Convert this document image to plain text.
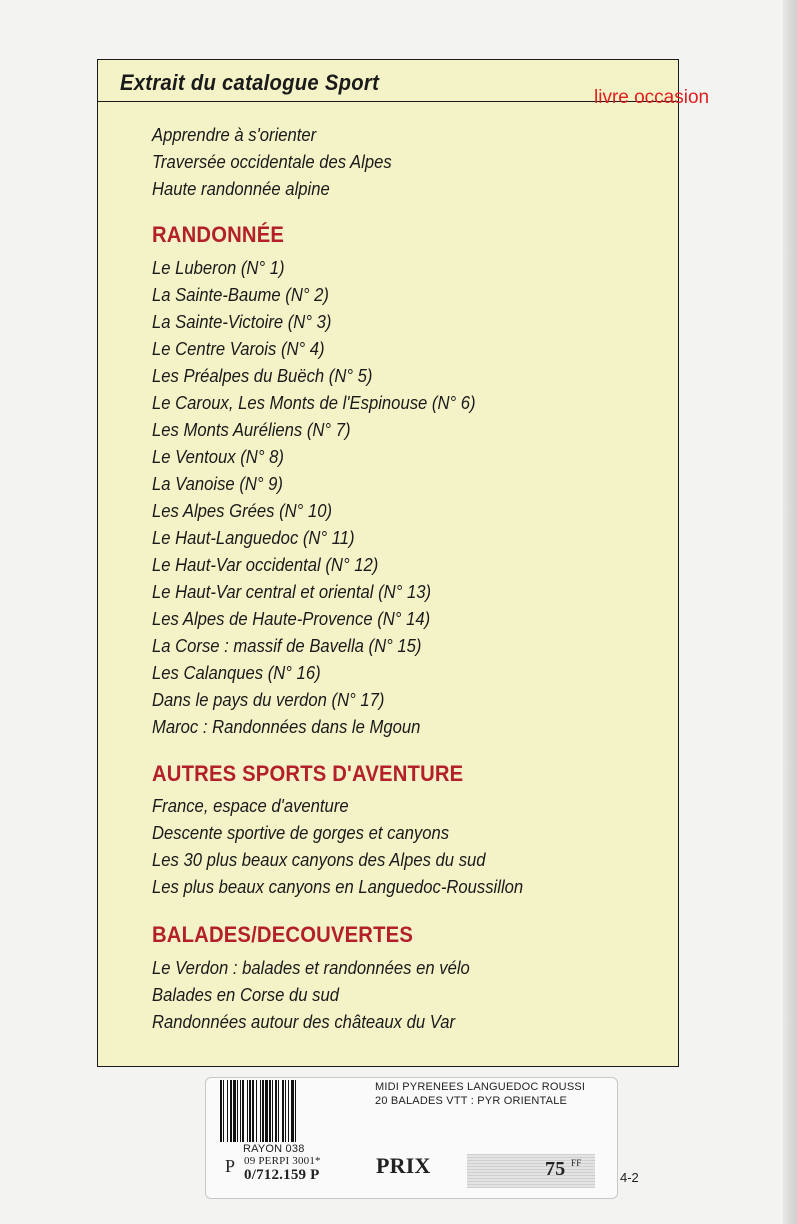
Extrait du catalogue Sport
livre occasion
Apprendre à s'orienter
Traversée occidentale des Alpes
Haute randonnée alpine
RANDONNÉE
Le Luberon (N° 1)
La Sainte-Baume (N° 2)
La Sainte-Victoire (N° 3)
Le Centre Varois (N° 4)
Les Préalpes du Buëch (N° 5)
Le Caroux, Les Monts de l'Espinouse (N° 6)
Les Monts Auréliens (N° 7)
Le Ventoux (N° 8)
La Vanoise (N° 9)
Les Alpes Grées (N° 10)
Le Haut-Languedoc (N° 11)
Le Haut-Var occidental (N° 12)
Le Haut-Var central et oriental (N° 13)
Les Alpes de Haute-Provence (N° 14)
La Corse : massif de Bavella (N° 15)
Les Calanques (N° 16)
Dans le pays du verdon (N° 17)
Maroc : Randonnées dans le Mgoun
AUTRES SPORTS D'AVENTURE
France, espace d'aventure
Descente sportive de gorges et canyons
Les 30 plus beaux canyons des Alpes du sud
Les plus beaux canyons en Languedoc-Roussillon
BALADES/DECOUVERTES
Le Verdon : balades et randonnées en vélo
Balades en Corse du sud
Randonnées autour des châteaux du Var
MIDI PYRENEES LANGUEDOC ROUSSI
20 BALADES VTT : PYR ORIENTALE
RAYON 038
P 09 PERPI 3001*
0/712.159 P	PRIX	75 FF
4-2
